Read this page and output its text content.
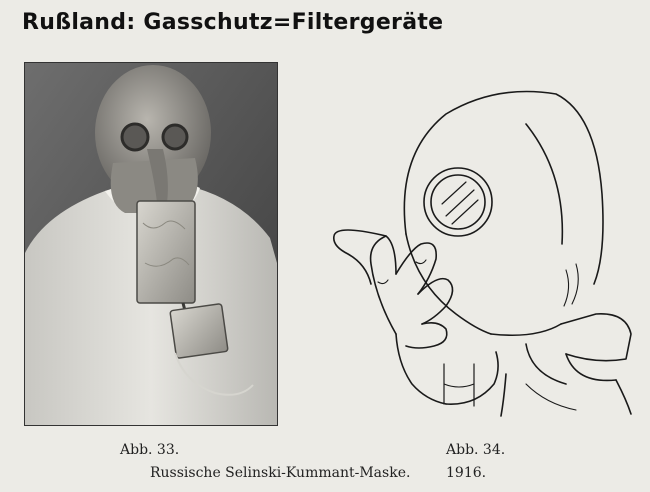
Rußland: Gasschutz=Filtergeräte
Abb. 33.	Abb. 34.
Russische Selinski-Kummant-Maske.	1916.
